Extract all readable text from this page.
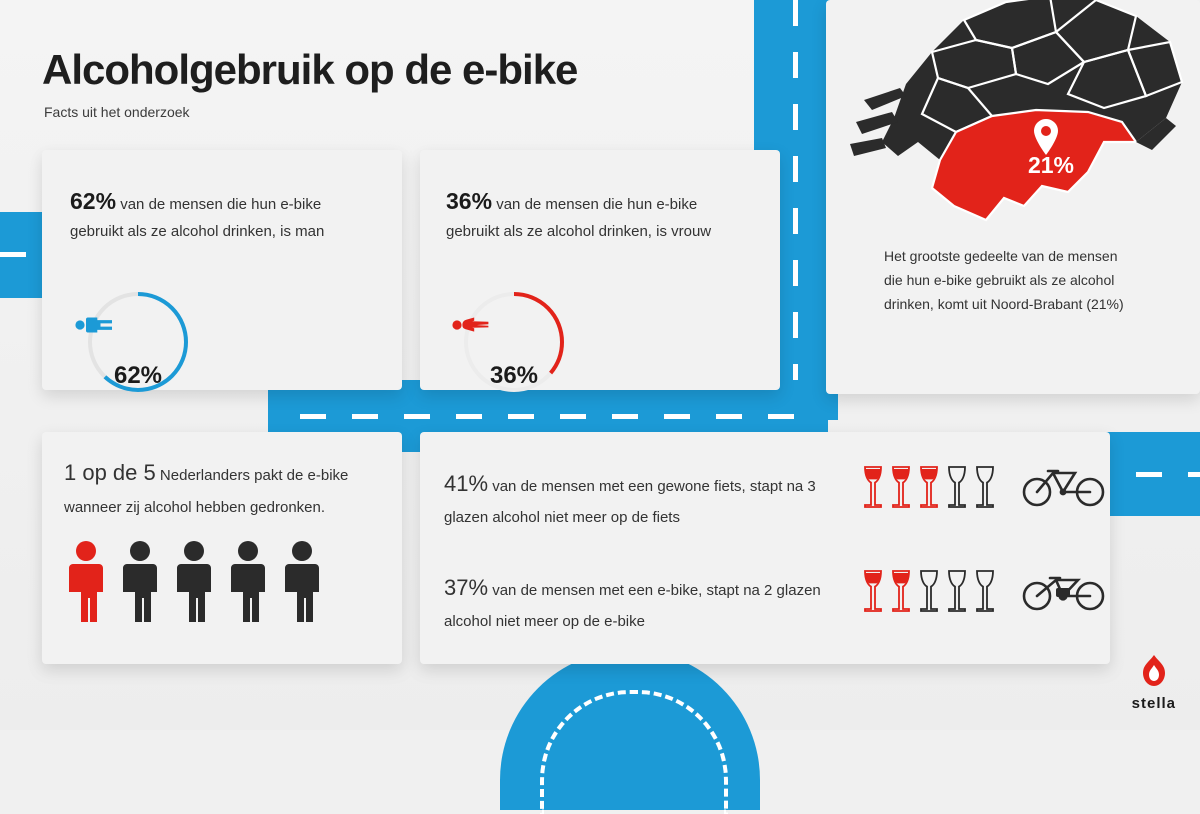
Alcoholgebruik op de e-bike
Facts uit het onderzoek
62% van de mensen die hun e-bike gebruikt als ze alcohol drinken, is man
62%
36% van de mensen die hun e-bike gebruikt als ze alcohol drinken, is vrouw
36%
21%
Het grootste gedeelte van de mensen die hun e-bike gebruikt als ze alcohol drinken, komt uit Noord-Brabant (21%)
1 op de 5 Nederlanders pakt de e-bike wanneer zij alcohol hebben gedronken.
41% van de mensen met een gewone fiets, stapt na 3 glazen alcohol niet meer op de fiets
37% van de mensen met een e-bike, stapt na 2 glazen alcohol niet meer op de e-bike
stella
